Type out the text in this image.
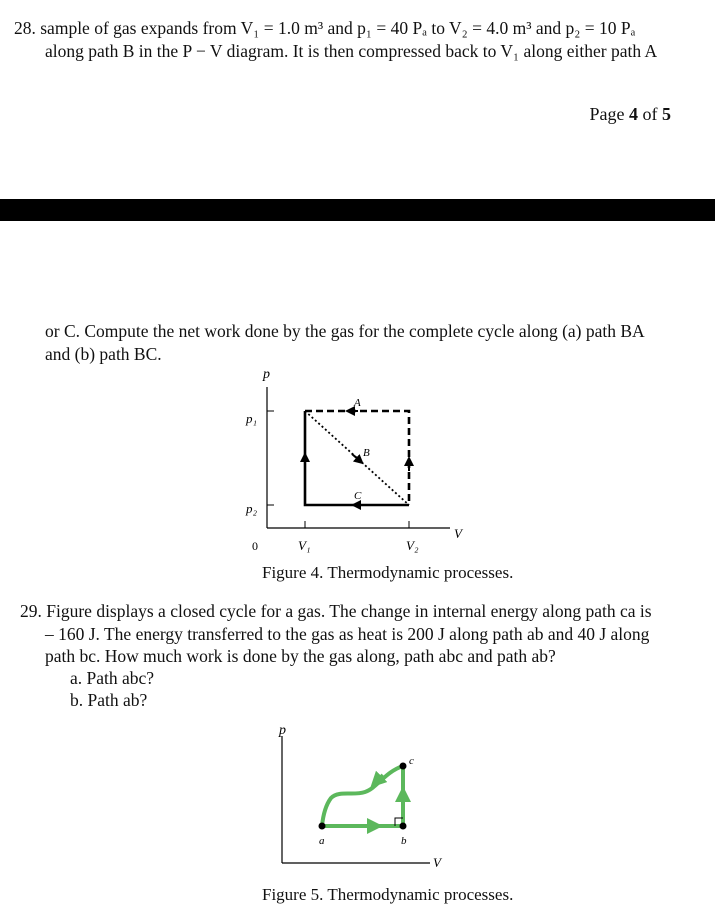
28. sample of gas expands from V₁ = 1.0 m³ and p₁ = 40 Pₐ to V₂ = 4.0 m³ and p₂ = 10 Pₐ
along path B in the P − V diagram. It is then compressed back to V₁ along either path A
Page 4 of 5
or C. Compute the net work done by the gas for the complete cycle along (a) path BA
and (b) path BC.
p
V
p₁
p₂
V₁	V₂
0
A
B
C
Figure 4. Thermodynamic processes.
29. Figure displays a closed cycle for a gas. The change in internal energy along path ca is
– 160 J. The energy transferred to the gas as heat is 200 J along path ab and 40 J along
path bc. How much work is done by the gas along, path abc and path ab?
a. Path abc?
b. Path ab?
p
V
a	b
c
Figure 5. Thermodynamic processes.
